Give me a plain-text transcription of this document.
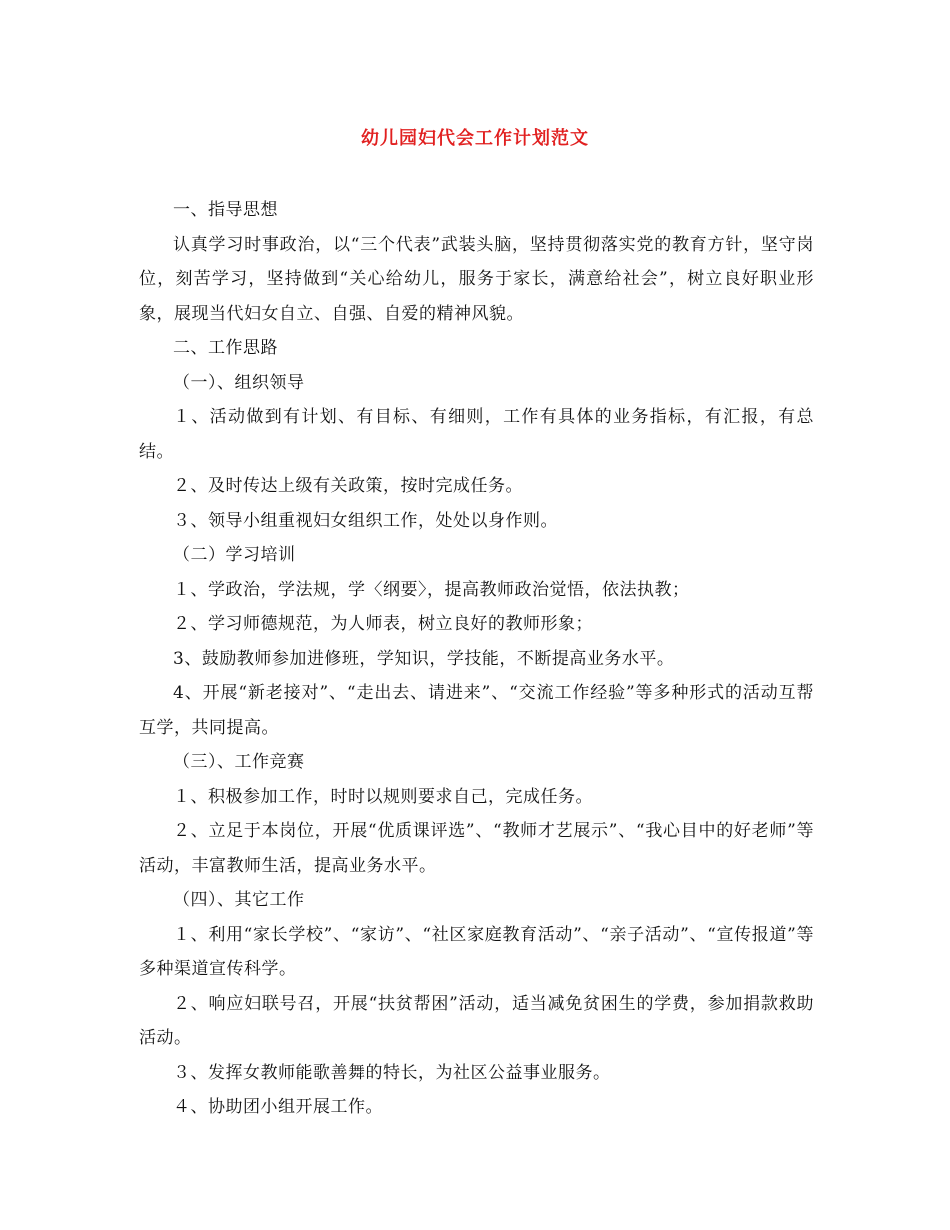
幼儿园妇代会工作计划范文

一、指导思想

认真学习时事政治，以“三个代表”武装头脑，坚持贯彻落实党的教育方针，坚守岗位，刻苦学习，坚持做到“关心给幼儿，服务于家长，满意给社会”，树立良好职业形象，展现当代妇女自立、自强、自爱的精神风貌。

二、工作思路

（一）、组织领导

１、活动做到有计划、有目标、有细则，工作有具体的业务指标，有汇报，有总结。

２、及时传达上级有关政策，按时完成任务。

３、领导小组重视妇女组织工作，处处以身作则。

（二）学习培训

１、学政治，学法规，学〈纲要〉，提高教师政治觉悟，依法执教；

２、学习师德规范，为人师表，树立良好的教师形象；

3、鼓励教师参加进修班，学知识，学技能，不断提高业务水平。

4、开展“新老接对”、“走出去、请进来”、“交流工作经验”等多种形式的活动互帮互学，共同提高。

（三）、工作竞赛

１、积极参加工作，时时以规则要求自己，完成任务。

２、立足于本岗位，开展“优质课评选”、“教师才艺展示”、“我心目中的好老师”等活动，丰富教师生活，提高业务水平。

（四）、其它工作

１、利用“家长学校”、“家访”、“社区家庭教育活动”、“亲子活动”、“宣传报道”等多种渠道宣传科学。

２、响应妇联号召，开展“扶贫帮困”活动，适当减免贫困生的学费，参加捐款救助活动。

３、发挥女教师能歌善舞的特长，为社区公益事业服务。

４、协助团小组开展工作。
